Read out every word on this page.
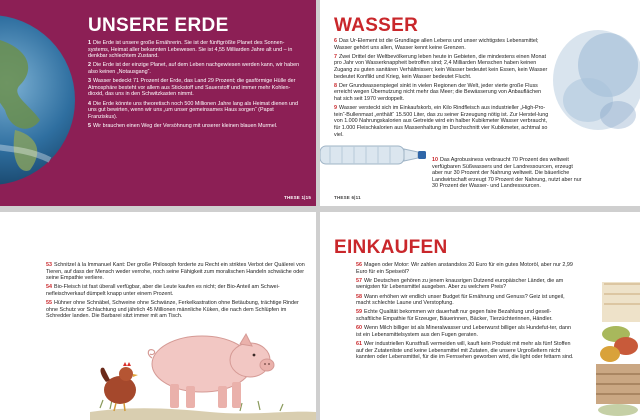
UNSERE ERDE

1 Die Erde ist unsere große Ernährerin. Sie ist der fünftgrößte Planet des Sonnen-systems, Heimat aller bekannten Lebewesen. Sie ist 4,55 Milliarden Jahre alt und – in denkbar schlechtem Zustand.

2 Die Erde ist der einzige Planet, auf dem Leben nachgewiesen werden kann, wir haben also keinen „Notausgang“.

3 Wasser bedeckt 71 Prozent der Erde, das Land 29 Prozent; die gasförmige Hülle der Atmosphäre besteht vor allem aus Stickstoff und Sauerstoff und immer mehr Kohlen-dioxid, das uns in den Schwitzkasten nimmt.

4 Die Erde könnte uns theoretisch noch 500 Millionen Jahre lang als Heimat dienen und uns gut bewirten, wenn wir uns „um unser gemeinsames Haus sorgen“ (Papst Franziskus).

5 Wir brauchen einen Weg der Versöhnung mit unserer kleinen blauen Murmel.

THESE 1|15
WASSER

6 Das Ur-Element ist die Grundlage allen Lebens und unser wichtigstes Lebensmittel; Wasser gehört uns allen, Wasser kennt keine Grenzen.

7 Zwei Drittel der Weltbevölkerung leben heute in Gebieten, die mindestens einen Monat pro Jahr von Wasserknappheit betroffen sind; 2,4 Milliarden Menschen haben keinen Zugang zu guten sanitären Verhältnissen; kein Wasser bedeutet kein Essen, kein Wasser bedeutet Konflikt und Krieg, kein Wasser bedeutet Flucht.

8 Der Grundwasserspiegel sinkt in vielen Regionen der Welt, jeder vierte große Fluss erreicht wegen Übernutzung nicht mehr das Meer; die Bewässerung von Anbauflächen hat sich seit 1970 verdoppelt.

9 Wasser versteckt sich im Einkaufskorb, ein Kilo Rindfleisch aus industrieller „High-Pro-tein“-Bullenmast „enthält“ 15.500 Liter, das zu seiner Erzeugung nötig ist. Zur Herstel-lung von 1.000 Nahrungskalorien aus Getreide wird ein halber Kubikmeter Wasser verbraucht, für 1.000 Fleischkalorien aus Massenhaltung im Durchschnitt vier Kubikmeter, achtmal so viel.

10 Das Agrobusiness verbraucht 70 Prozent des weltweit verfügbaren Süßwassers und der Landressourcen, erzeugt aber nur 30 Prozent der Nahrung weltweit. Die bäuerliche Landwirtschaft erzeugt 70 Prozent der Nahrung, nutzt aber nur 30 Prozent der Wasser- und Landressourcen.

THESE 6|11

53 Schnitzel à la Immanuel Kant: Der große Philosoph forderte zu Recht ein striktes Verbot der Quälerei von Tieren, auf dass der Mensch weder verrohe, noch seine Fähigkeit zum moralischen Handeln schwäche oder seine Empathie verliere.

54 Bio-Fleisch ist fast überall verfügbar, aber die Leute kaufen es nicht; der Bio-Anteil am Schwei-nefleischverkauf dümpelt knapp unter einem Prozent.

55 Hühner ohne Schnäbel, Schweine ohne Schwänze, Ferkelkastration ohne Betäubung, trächtige Rinder ohne Schutz vor Schlachtung und jährlich 45 Millionen männliche Küken, die nach dem Schlüpfen im Schredder landen. Die Barbarei sitzt immer mit am Tisch.

EINKAUFEN

56 Magen oder Motor: Wir zahlen anstandslos 20 Euro für ein gutes Motoröl, aber nur 2,99 Euro für ein Speiseöl?

57 Wir Deutschen gehören zu jenem knausrigen Dutzend europäischer Länder, die am wenigsten für Lebensmittel ausgeben. Aber zu welchem Preis?

58 Wann erhöhen wir endlich unser Budget für Ernährung und Genuss? Geiz ist ungeil, macht schlechte Laune und Verstopfung.

59 Echte Qualität bekommen wir dauerhaft nur gegen faire Bezahlung und gesell-schaftliche Empathie für Erzeuger, Bäuerinnen, Bäcker, Tierzüchterinnen, Händler.

60 Wenn Milch billiger ist als Mineralwasser und Leberwurst billiger als Hundefut-ter, dann ist ein Lebensmittelsystem aus den Fugen geraten.

61 Wer industriellen Kunstfraß vermeiden will, kauft kein Produkt mit mehr als fünf Stoffen auf der Zutatenliste und keine Lebensmittel mit Zutaten, die unsere Urgroßeltern nicht kannten oder Lebensmittel, für die im Fernsehen geworben wird, die light oder fettarm sind.
